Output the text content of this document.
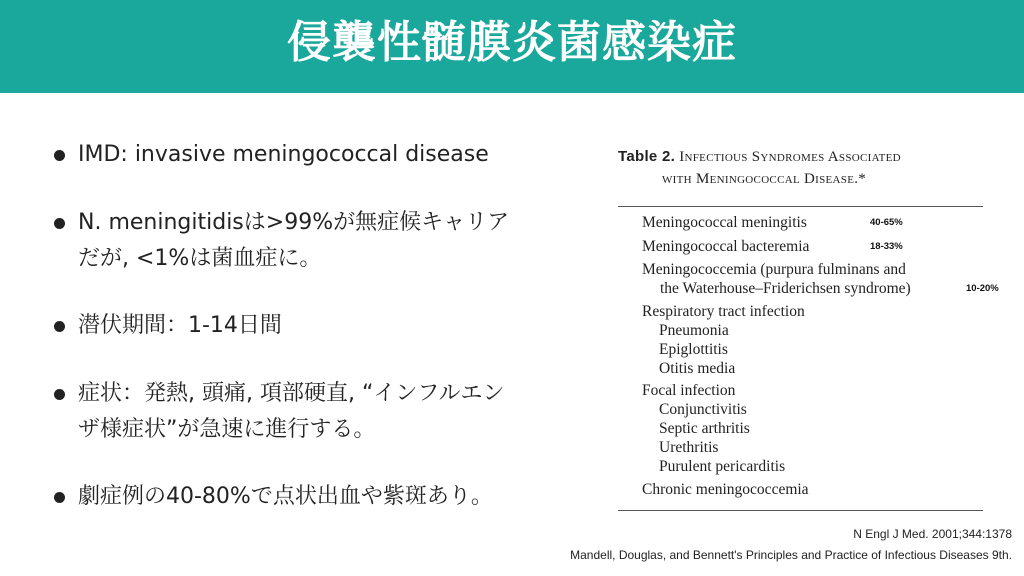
侵襲性髄膜炎菌感染症
IMD: invasive meningococcal disease
N. meningitidisは>99%が無症候キャリア
だが, <1%は菌血症に。
潜伏期間：1-14日間
症状：発熱, 頭痛, 項部硬直, “インフルエン
ザ様症状”が急速に進行する。
劇症例の40-80%で点状出血や紫斑あり。
Table 2. Infectious Syndromes Associated
with Meningococcal Disease.*
Meningococcal meningitis
Meningococcal bacteremia
Meningococcemia (purpura fulminans and
the Waterhouse–Friderichsen syndrome)
Respiratory tract infection
Pneumonia
Epiglottitis
Otitis media
Focal infection
Conjunctivitis
Septic arthritis
Urethritis
Purulent pericarditis
Chronic meningococcemia
40-65%
18-33%
10-20%
N Engl J Med. 2001;344:1378
Mandell, Douglas, and Bennett's Principles and Practice of Infectious Diseases 9th.
